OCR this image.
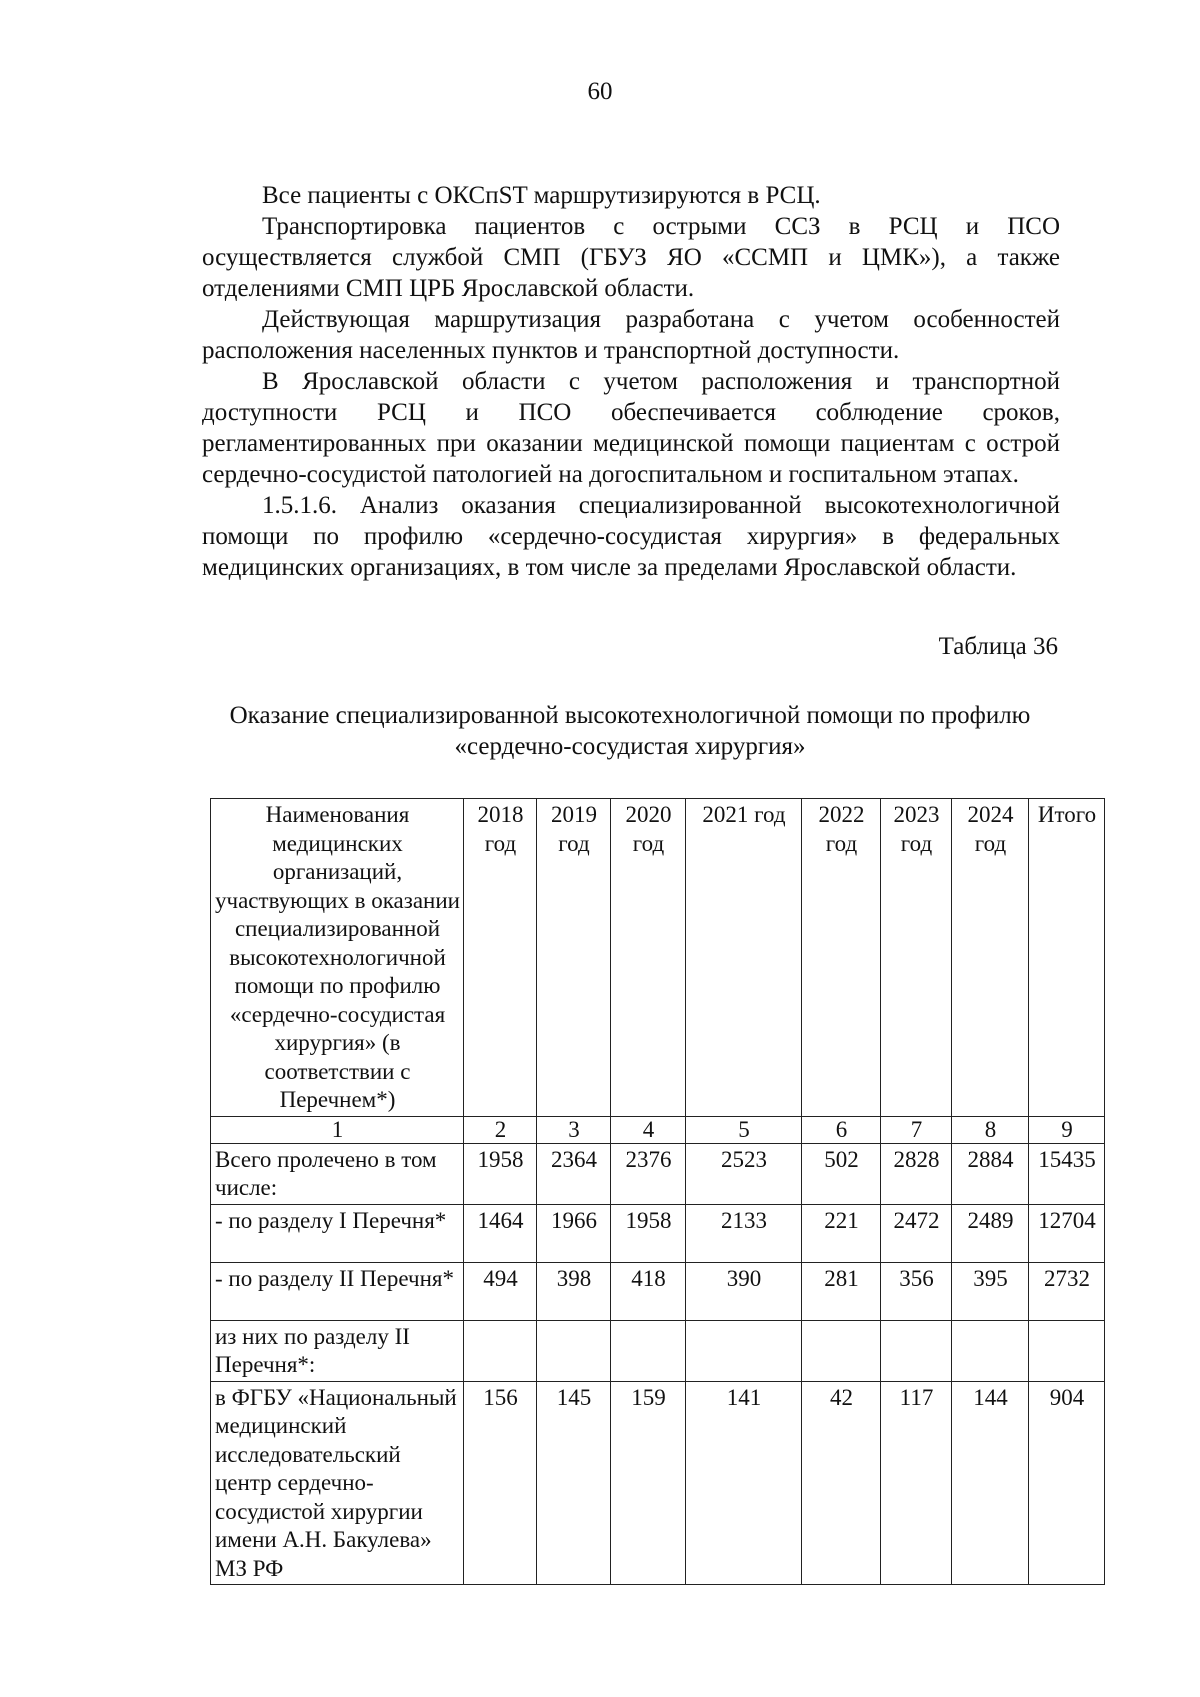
60

Все пациенты с ОКСпST маршрутизируются в РСЦ.

Транспортировка пациентов с острыми ССЗ в РСЦ и ПСО осуществляется службой СМП (ГБУЗ ЯО «ССМП и ЦМК»), а также отделениями СМП ЦРБ Ярославской области.

Действующая маршрутизация разработана с учетом особенностей расположения населенных пунктов и транспортной доступности.

В Ярославской области с учетом расположения и транспортной доступности РСЦ и ПСО обеспечивается соблюдение сроков, регламентированных при оказании медицинской помощи пациентам с острой сердечно-сосудистой патологией на догоспитальном и госпитальном этапах.

1.5.1.6. Анализ оказания специализированной высокотехнологичной помощи по профилю «сердечно-сосудистая хирургия» в федеральных медицинских организациях, в том числе за пределами Ярославской области.

Таблица 36
Оказание специализированной высокотехнологичной помощи по профилю «сердечно-сосудистая хирургия»
Наименования медицинских организаций, участвующих в оказании специализированной высокотехнологичной помощи по профилю «сердечно-сосудистая хирургия» (в соответствии с Перечнем*)	2018 год	2019 год	2020 год	2021 год	2022 год	2023 год	2024 год	Итого
1	2	3	4	5	6	7	8	9
Всего пролечено в том числе:	1958	2364	2376	2523	502	2828	2884	15435
- по разделу I Перечня*	1464	1966	1958	2133	221	2472	2489	12704
- по разделу II Перечня*	494	398	418	390	281	356	395	2732
из них по разделу II Перечня*:								
в ФГБУ «Национальный медицинский исследовательский центр сердечно-сосудистой хирургии имени А.Н. Бакулева» МЗ РФ	156	145	159	141	42	117	144	904
